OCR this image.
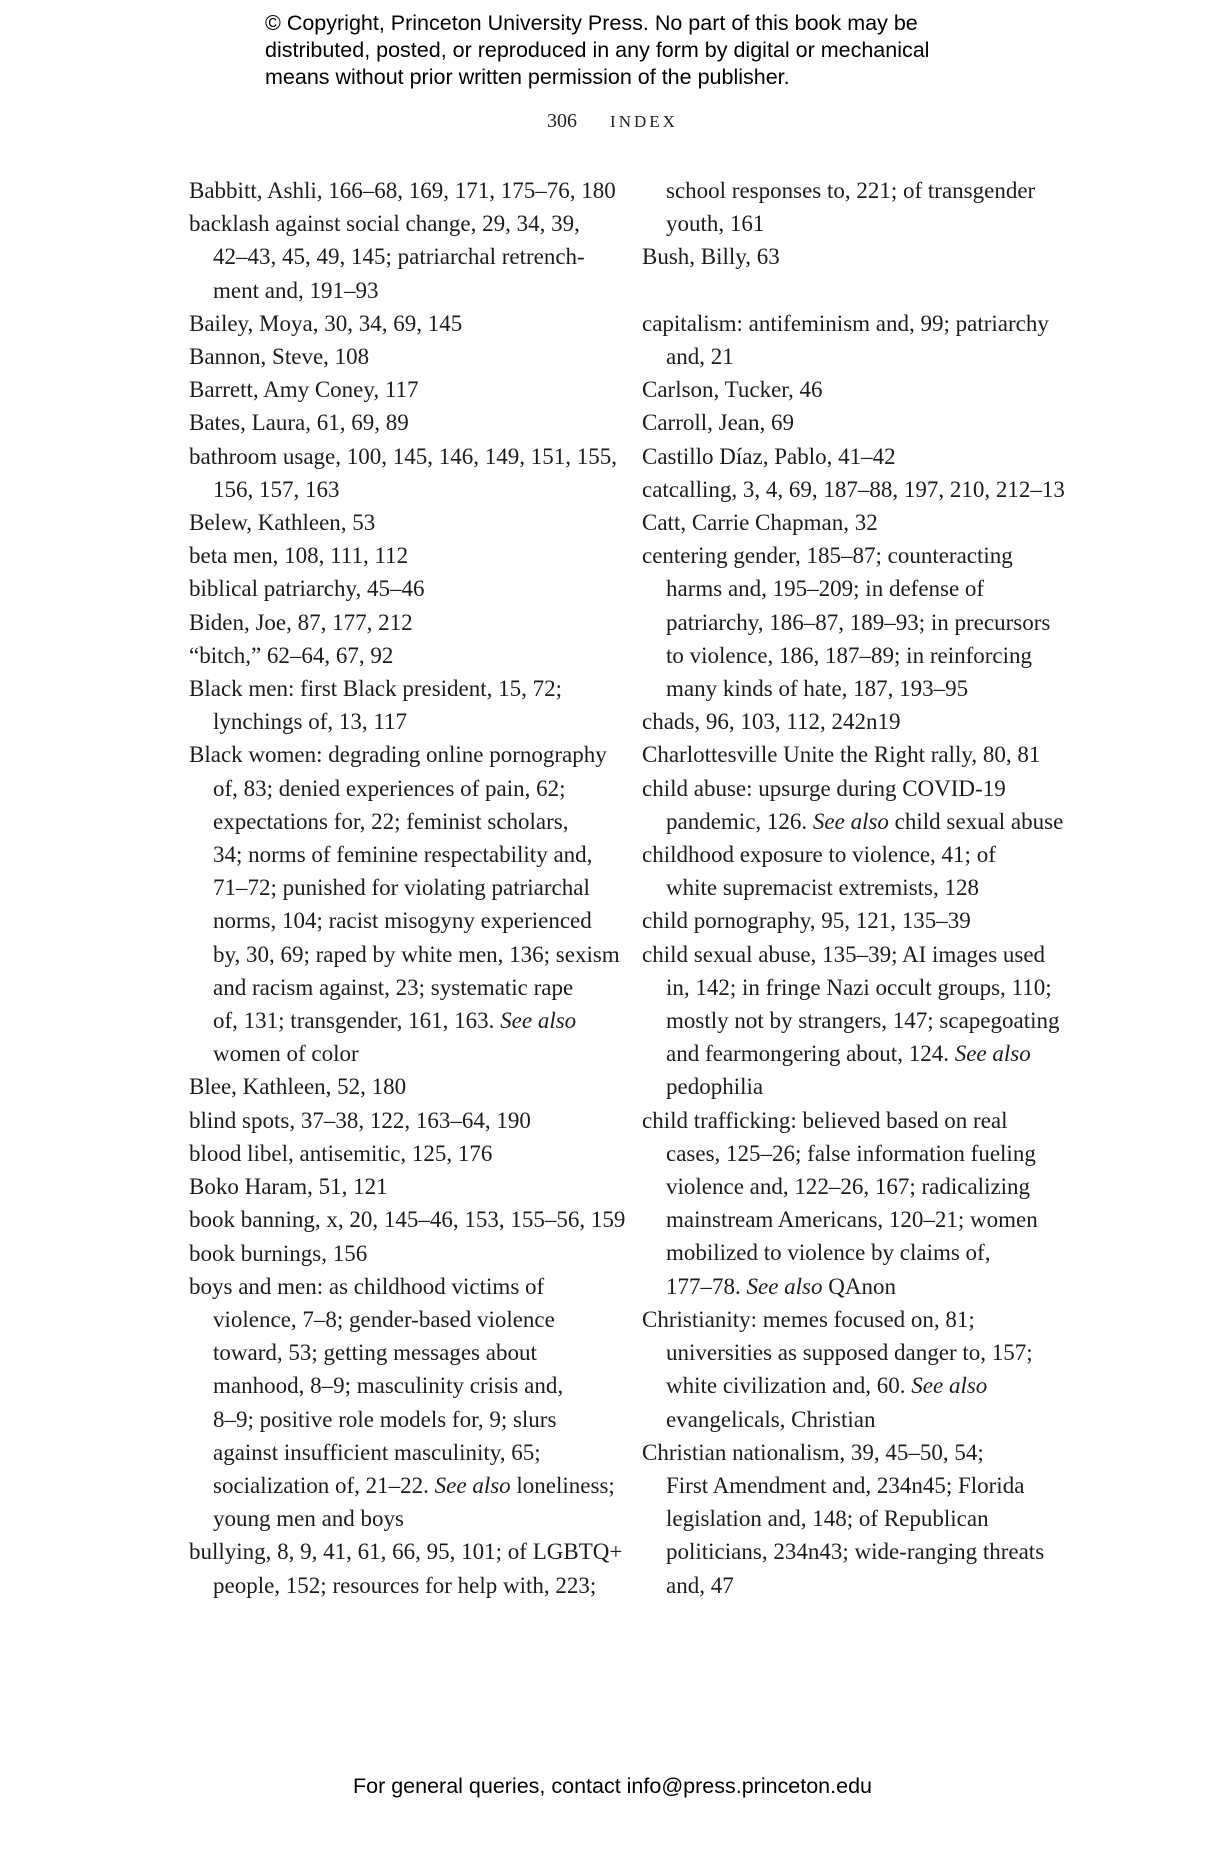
© Copyright, Princeton University Press. No part of this book may be
distributed, posted, or reproduced in any form by digital or mechanical
means without prior written permission of the publisher.
306 INDEX
Babbitt, Ashli, 166–68, 169, 171, 175–76, 180
backlash against social change, 29, 34, 39,
42–43, 45, 49, 145; patriarchal retrench-
ment and, 191–93
Bailey, Moya, 30, 34, 69, 145
Bannon, Steve, 108
Barrett, Amy Coney, 117
Bates, Laura, 61, 69, 89
bathroom usage, 100, 145, 146, 149, 151, 155,
156, 157, 163
Belew, Kathleen, 53
beta men, 108, 111, 112
biblical patriarchy, 45–46
Biden, Joe, 87, 177, 212
“bitch,” 62–64, 67, 92
Black men: first Black president, 15, 72;
lynchings of, 13, 117
Black women: degrading online pornography
of, 83; denied experiences of pain, 62;
expectations for, 22; feminist scholars,
34; norms of feminine respectability and,
71–72; punished for violating patriarchal
norms, 104; racist misogyny experienced
by, 30, 69; raped by white men, 136; sexism
and racism against, 23; systematic rape
of, 131; transgender, 161, 163. See also
women of color
Blee, Kathleen, 52, 180
blind spots, 37–38, 122, 163–64, 190
blood libel, antisemitic, 125, 176
Boko Haram, 51, 121
book banning, x, 20, 145–46, 153, 155–56, 159
book burnings, 156
boys and men: as childhood victims of
violence, 7–8; gender-based violence
toward, 53; getting messages about
manhood, 8–9; masculinity crisis and,
8–9; positive role models for, 9; slurs
against insufficient masculinity, 65;
socialization of, 21–22. See also loneliness;
young men and boys
bullying, 8, 9, 41, 61, 66, 95, 101; of LGBTQ+
people, 152; resources for help with, 223;
school responses to, 221; of transgender
youth, 161
Bush, Billy, 63
capitalism: antifeminism and, 99; patriarchy
and, 21
Carlson, Tucker, 46
Carroll, Jean, 69
Castillo Díaz, Pablo, 41–42
catcalling, 3, 4, 69, 187–88, 197, 210, 212–13
Catt, Carrie Chapman, 32
centering gender, 185–87; counteracting
harms and, 195–209; in defense of
patriarchy, 186–87, 189–93; in precursors
to violence, 186, 187–89; in reinforcing
many kinds of hate, 187, 193–95
chads, 96, 103, 112, 242n19
Charlottesville Unite the Right rally, 80, 81
child abuse: upsurge during COVID-19
pandemic, 126. See also child sexual abuse
childhood exposure to violence, 41; of
white supremacist extremists, 128
child pornography, 95, 121, 135–39
child sexual abuse, 135–39; AI images used
in, 142; in fringe Nazi occult groups, 110;
mostly not by strangers, 147; scapegoating
and fearmongering about, 124. See also
pedophilia
child trafficking: believed based on real
cases, 125–26; false information fueling
violence and, 122–26, 167; radicalizing
mainstream Americans, 120–21; women
mobilized to violence by claims of,
177–78. See also QAnon
Christianity: memes focused on, 81;
universities as supposed danger to, 157;
white civilization and, 60. See also
evangelicals, Christian
Christian nationalism, 39, 45–50, 54;
First Amendment and, 234n45; Florida
legislation and, 148; of Republican
politicians, 234n43; wide-ranging threats
and, 47
For general queries, contact info@press.princeton.edu
